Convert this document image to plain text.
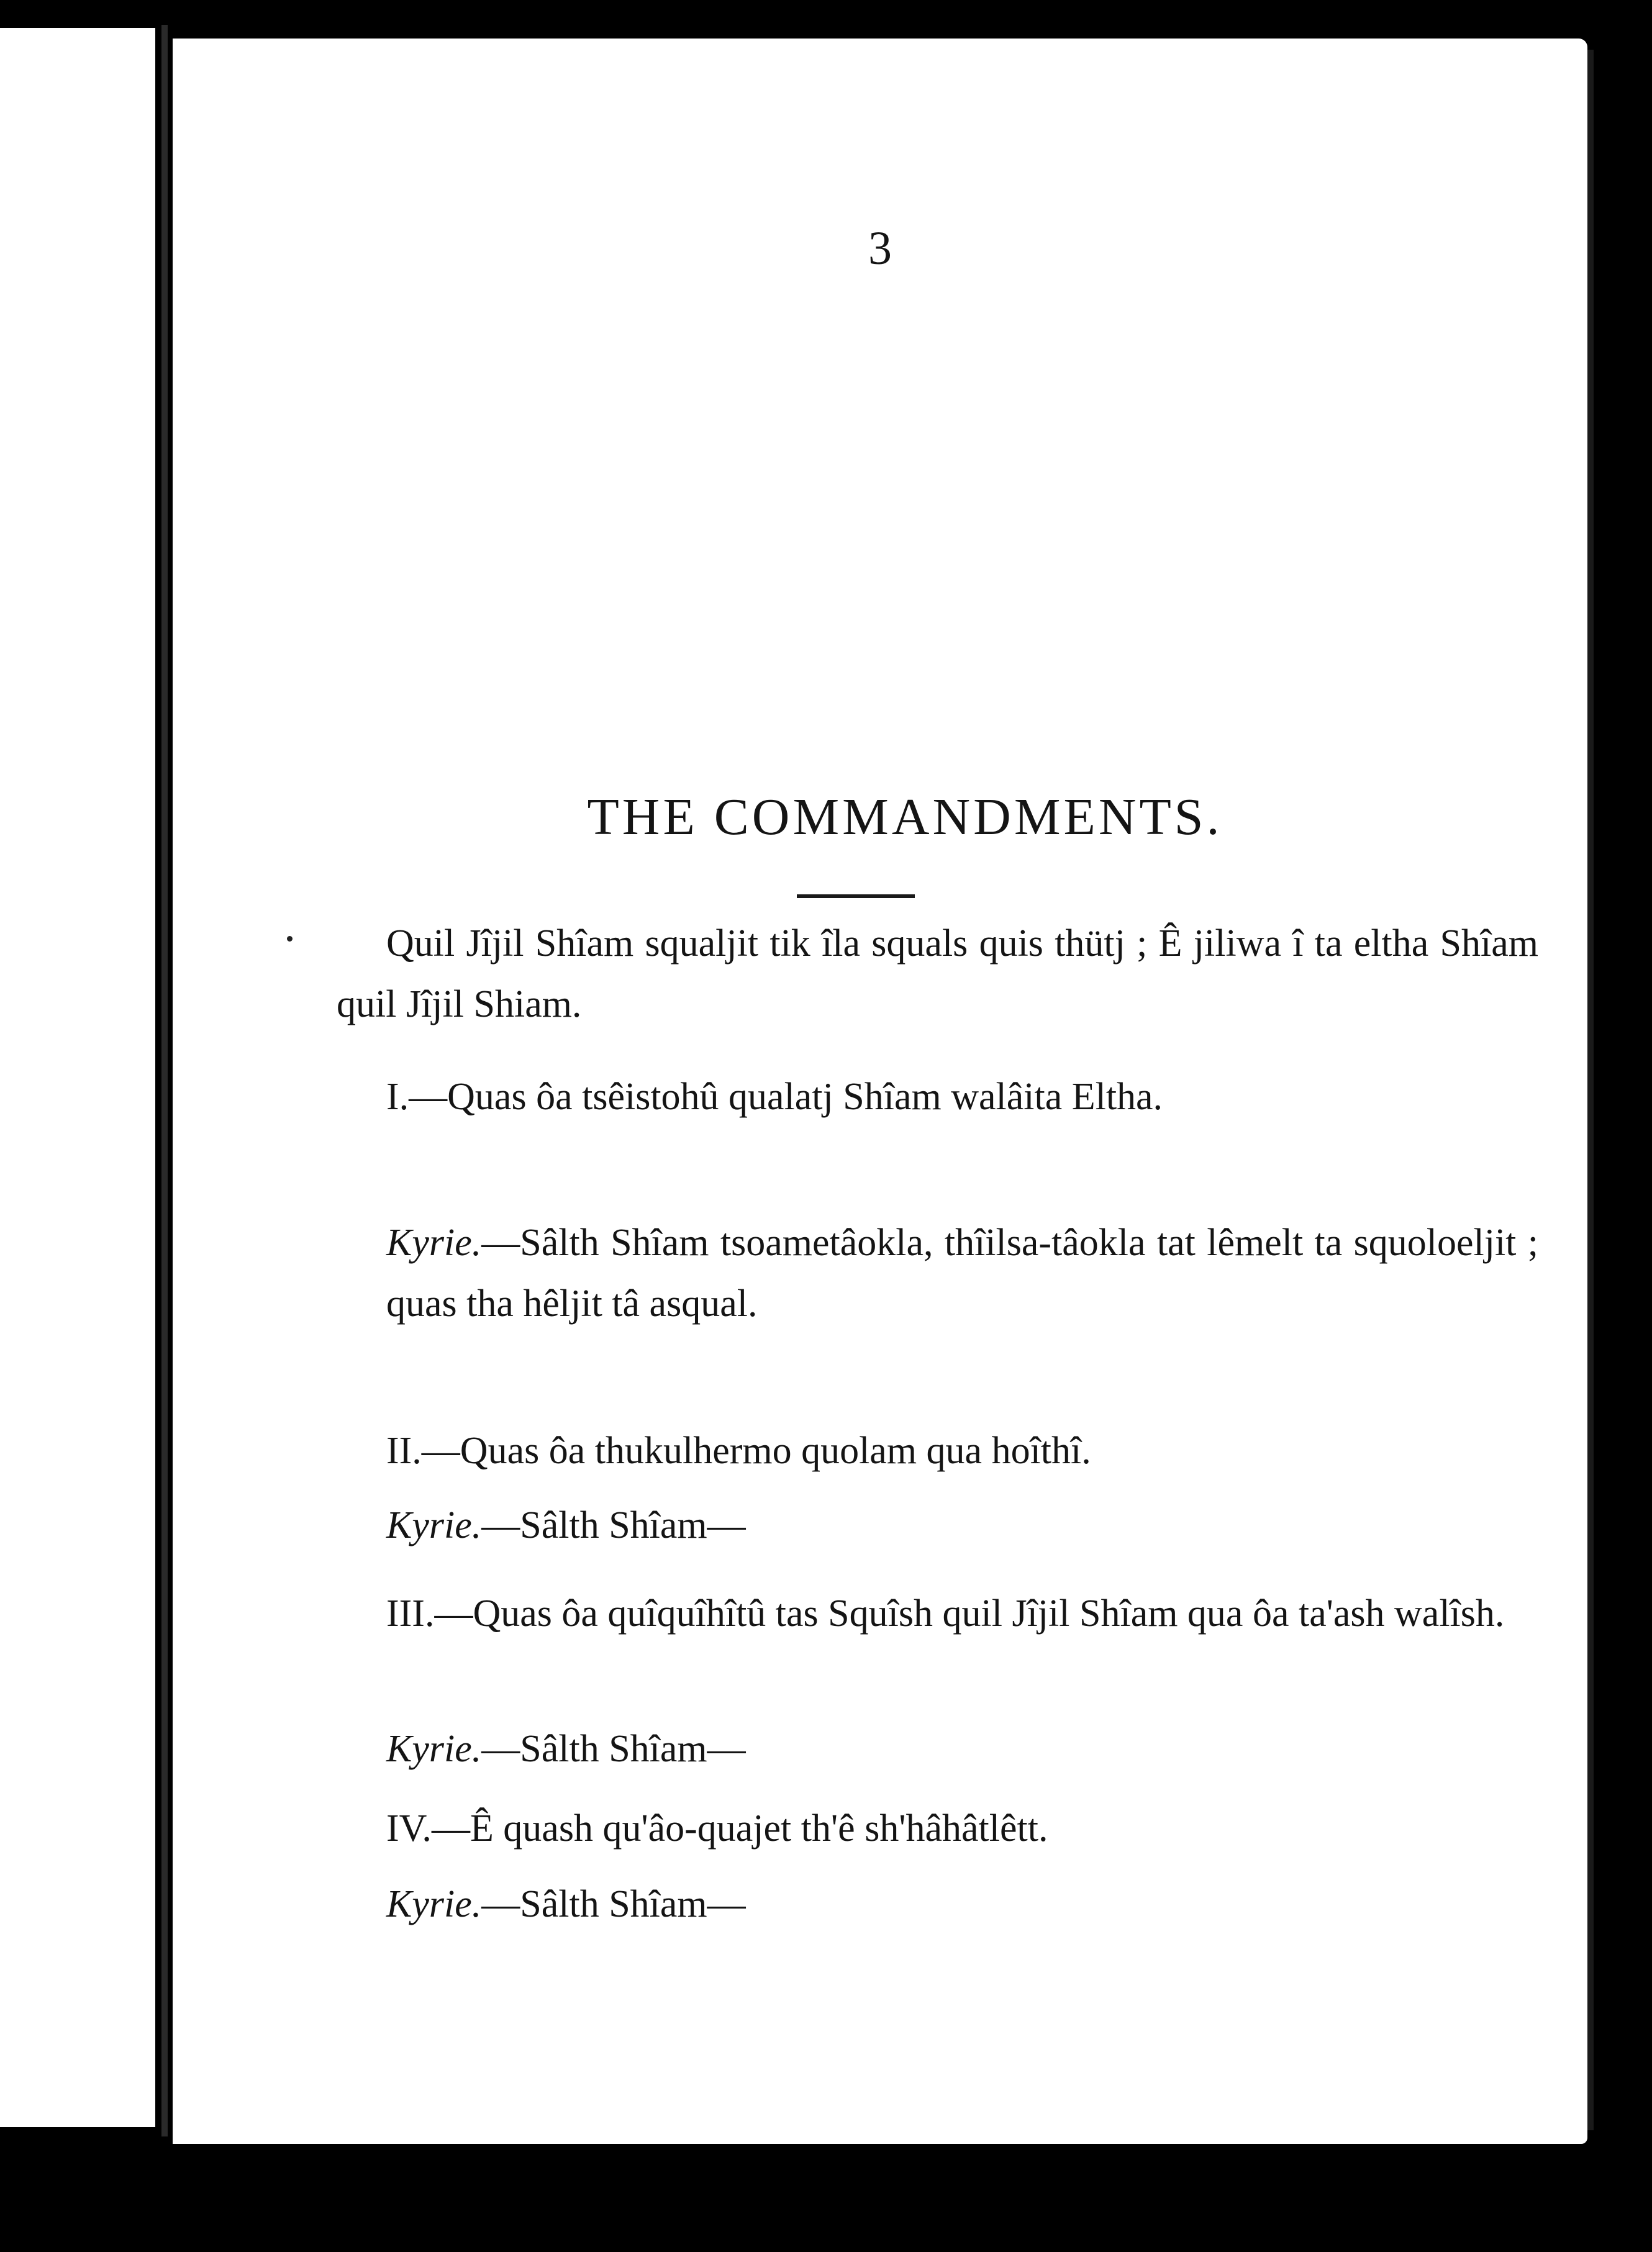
3
THE COMMANDMENTS.

Quil Jîjil Shîam squaljit tik îla squals quis thütj ; Ê jiliwa î ta eltha Shîam quil Jîjil Shiam.

I.—Quas ôa tsêistohû qualatj Shîam walâita Eltha.

Kyrie.—Sâlth Shîam tsoametâokla, thîilsa-tâokla tat lêmelt ta squoloeljit ; quas tha hêljit tâ asqual.

II.—Quas ôa thukulhermo quolam qua hoîthî.

Kyrie.—Sâlth Shîam—

III.—Quas ôa quîquîhîtû tas Squîsh quil Jîjil Shîam qua ôa ta'ash walîsh.

Kyrie.—Sâlth Shîam—

IV.—Ê quash qu'âo-quajet th'ê sh'hâhâtlêtt.

Kyrie.—Sâlth Shîam—
